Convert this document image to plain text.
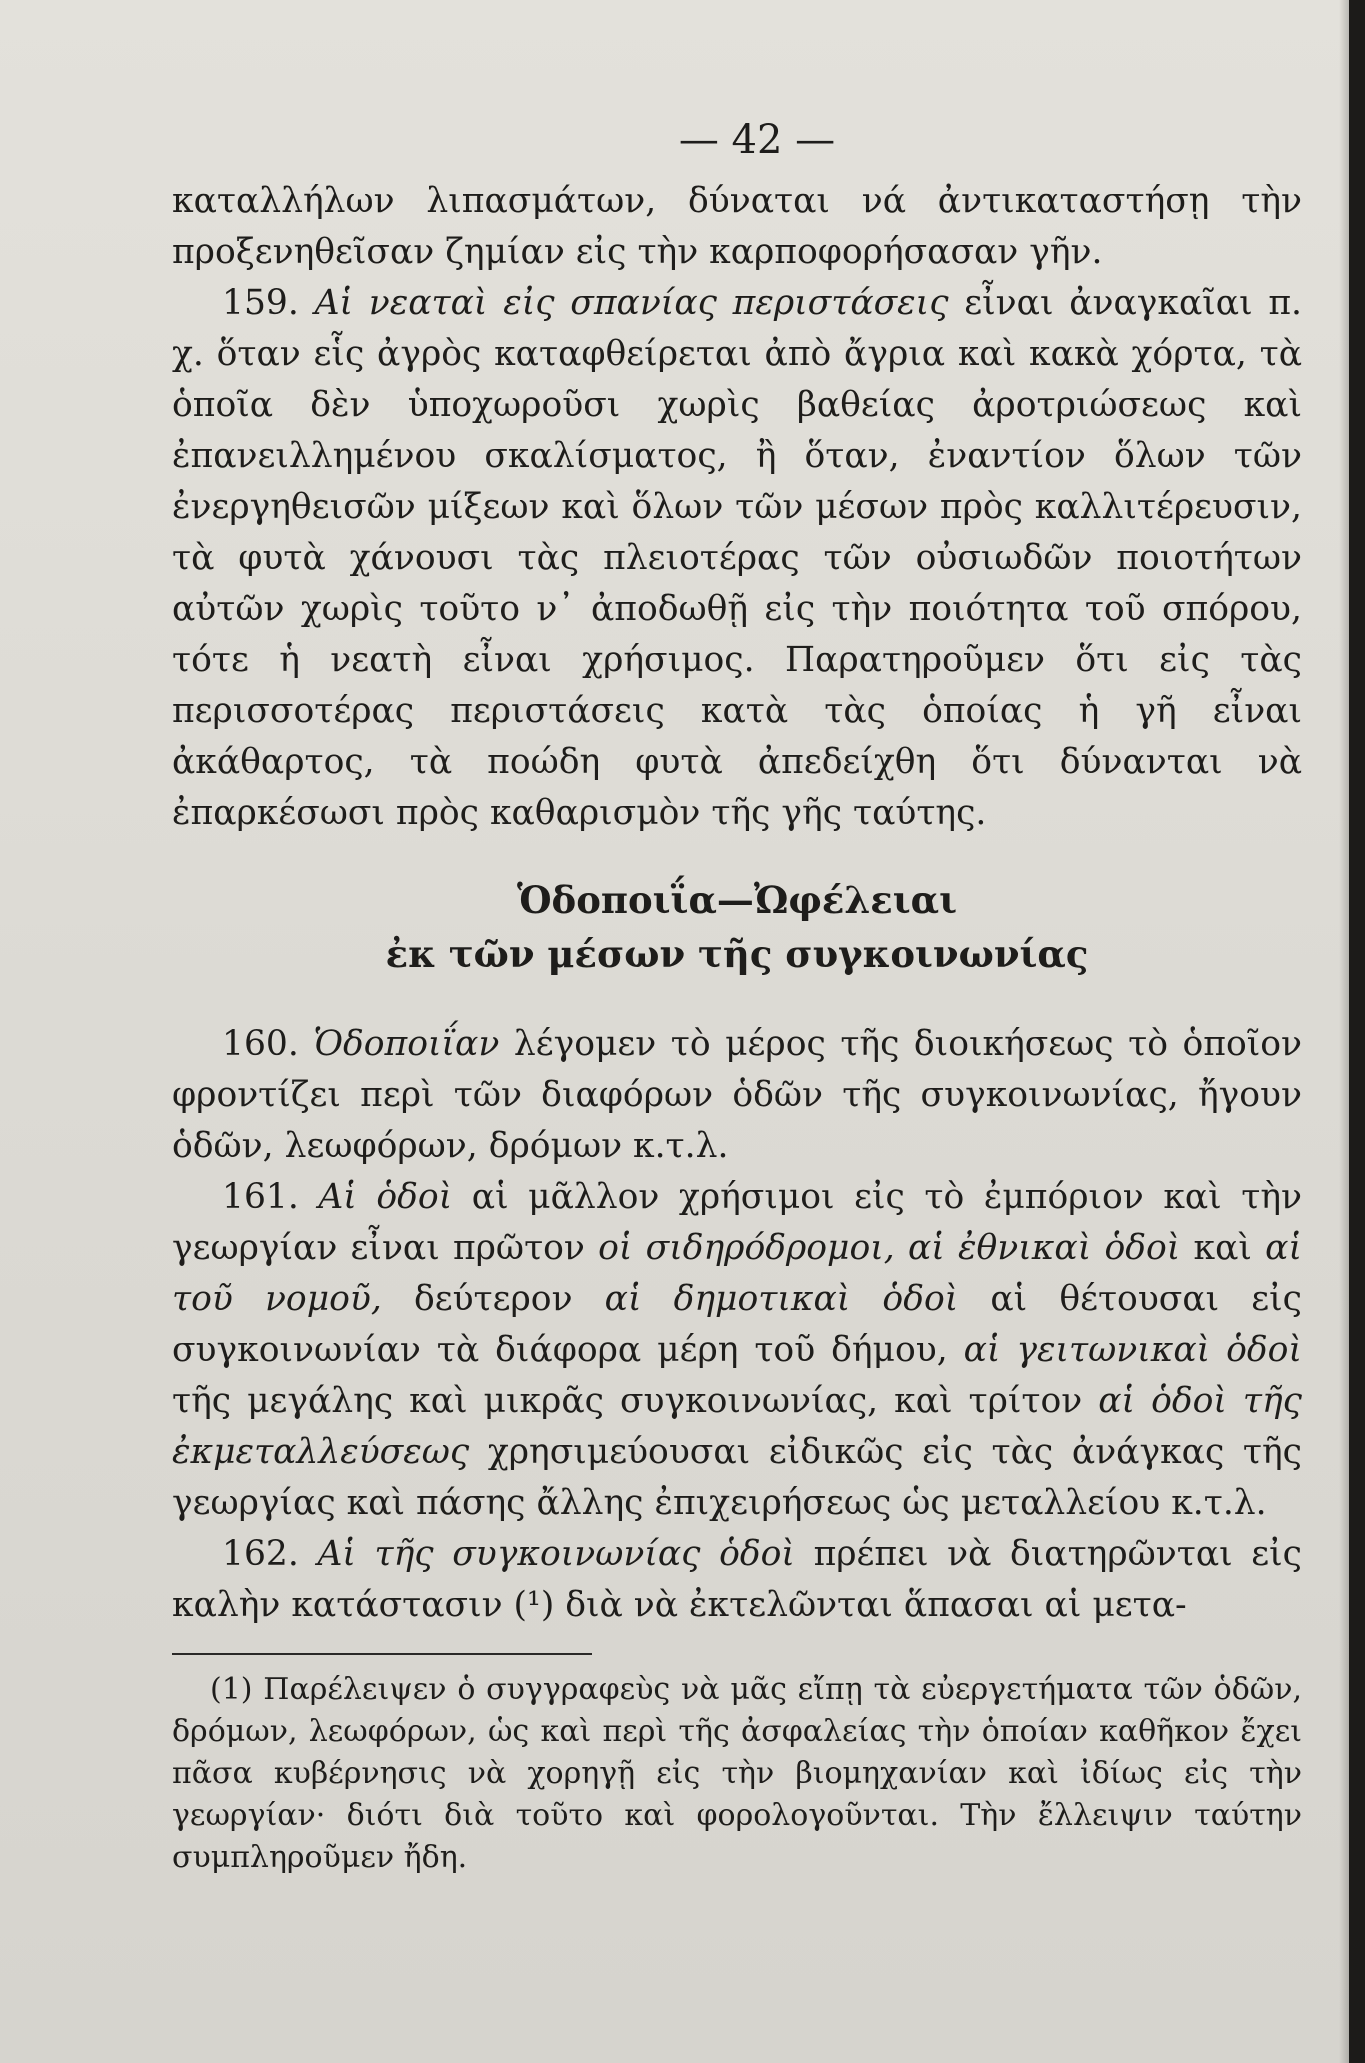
— 42 —

καταλλήλων λιπασμάτων, δύναται νά ἀντικαταστήσῃ τὴν προξενηθεῖσαν ζημίαν εἰς τὴν καρποφορήσασαν γῆν.

159. Αἱ νεαταὶ εἰς σπανίας περιστάσεις εἶναι ἀναγκαῖαι π. χ. ὅταν εἷς ἀγρὸς καταφθείρεται ἀπὸ ἄγρια καὶ κακὰ χόρτα, τὰ ὁποῖα δὲν ὑποχωροῦσι χωρὶς βαθείας ἀροτριώσεως καὶ ἐπανειλλημένου σκαλίσματος, ἢ ὅταν, ἐναντίον ὅλων τῶν ἐνεργηθεισῶν μίξεων καὶ ὅλων τῶν μέσων πρὸς καλλιτέρευσιν, τὰ φυτὰ χάνουσι τὰς πλειοτέρας τῶν οὐσιωδῶν ποιοτήτων αὐτῶν χωρὶς τοῦτο ν᾽ ἀποδωθῇ εἰς τὴν ποιότητα τοῦ σπόρου, τότε ἡ νεατὴ εἶναι χρήσιμος. Παρατηροῦμεν ὅτι εἰς τὰς περισσοτέρας περιστάσεις κατὰ τὰς ὁποίας ἡ γῆ εἶναι ἀκάθαρτος, τὰ ποώδη φυτὰ ἀπεδείχθη ὅτι δύνανται νὰ ἐπαρκέσωσι πρὸς καθαρισμὸν τῆς γῆς ταύτης.

Ὁδοποιΐα—Ὠφέλειαι
ἐκ τῶν μέσων τῆς συγκοινωνίας

160. Ὁδοποιΐαν λέγομεν τὸ μέρος τῆς διοικήσεως τὸ ὁποῖον φροντίζει περὶ τῶν διαφόρων ὁδῶν τῆς συγκοινωνίας, ἤγουν ὁδῶν, λεωφόρων, δρόμων κ.τ.λ.

161. Αἱ ὁδοὶ αἱ μᾶλλον χρήσιμοι εἰς τὸ ἐμπόριον καὶ τὴν γεωργίαν εἶναι πρῶτον οἱ σιδηρόδρομοι, αἱ ἐθνικαὶ ὁδοὶ καὶ αἱ τοῦ νομοῦ, δεύτερον αἱ δημοτικαὶ ὁδοὶ αἱ θέτουσαι εἰς συγκοινωνίαν τὰ διάφορα μέρη τοῦ δήμου, αἱ γειτωνικαὶ ὁδοὶ τῆς μεγάλης καὶ μικρᾶς συγκοινωνίας, καὶ τρίτον αἱ ὁδοὶ τῆς ἐκμεταλλεύσεως χρησιμεύουσαι εἰδικῶς εἰς τὰς ἀνάγκας τῆς γεωργίας καὶ πάσης ἄλλης ἐπιχειρήσεως ὡς μεταλλείου κ.τ.λ.

162. Αἱ τῆς συγκοινωνίας ὁδοὶ πρέπει νὰ διατηρῶνται εἰς καλὴν κατάστασιν (¹) διὰ νὰ ἐκτελῶνται ἅπασαι αἱ μετα-

(1) Παρέλειψεν ὁ συγγραφεὺς νὰ μᾶς εἴπῃ τὰ εὐεργετήματα τῶν ὁδῶν, δρόμων, λεωφόρων, ὡς καὶ περὶ τῆς ἀσφαλείας τὴν ὁποίαν καθῆκον ἔχει πᾶσα κυβέρνησις νὰ χορηγῇ εἰς τὴν βιομηχανίαν καὶ ἰδίως εἰς τὴν γεωργίαν· διότι διὰ τοῦτο καὶ φορολογοῦνται. Τὴν ἔλλειψιν ταύτην συμπληροῦμεν ἤδη.
